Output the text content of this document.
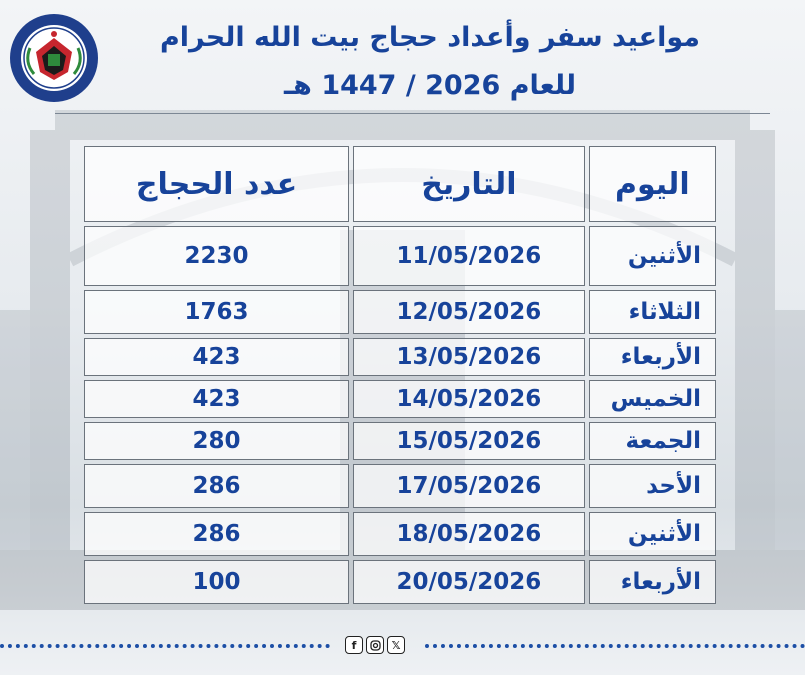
مواعيد سفر وأعداد حجاج بيت الله الحرام
للعام 2026 / 1447 هـ
اليوم	التاريخ	عدد الحجاج
الأثنين	11/05/2026	2230
الثلاثاء	12/05/2026	1763
الأربعاء	13/05/2026	423
الخميس	14/05/2026	423
الجمعة	15/05/2026	280
الأحد	17/05/2026	286
الأثنين	18/05/2026	286
الأربعاء	20/05/2026	100
f	𝕏
